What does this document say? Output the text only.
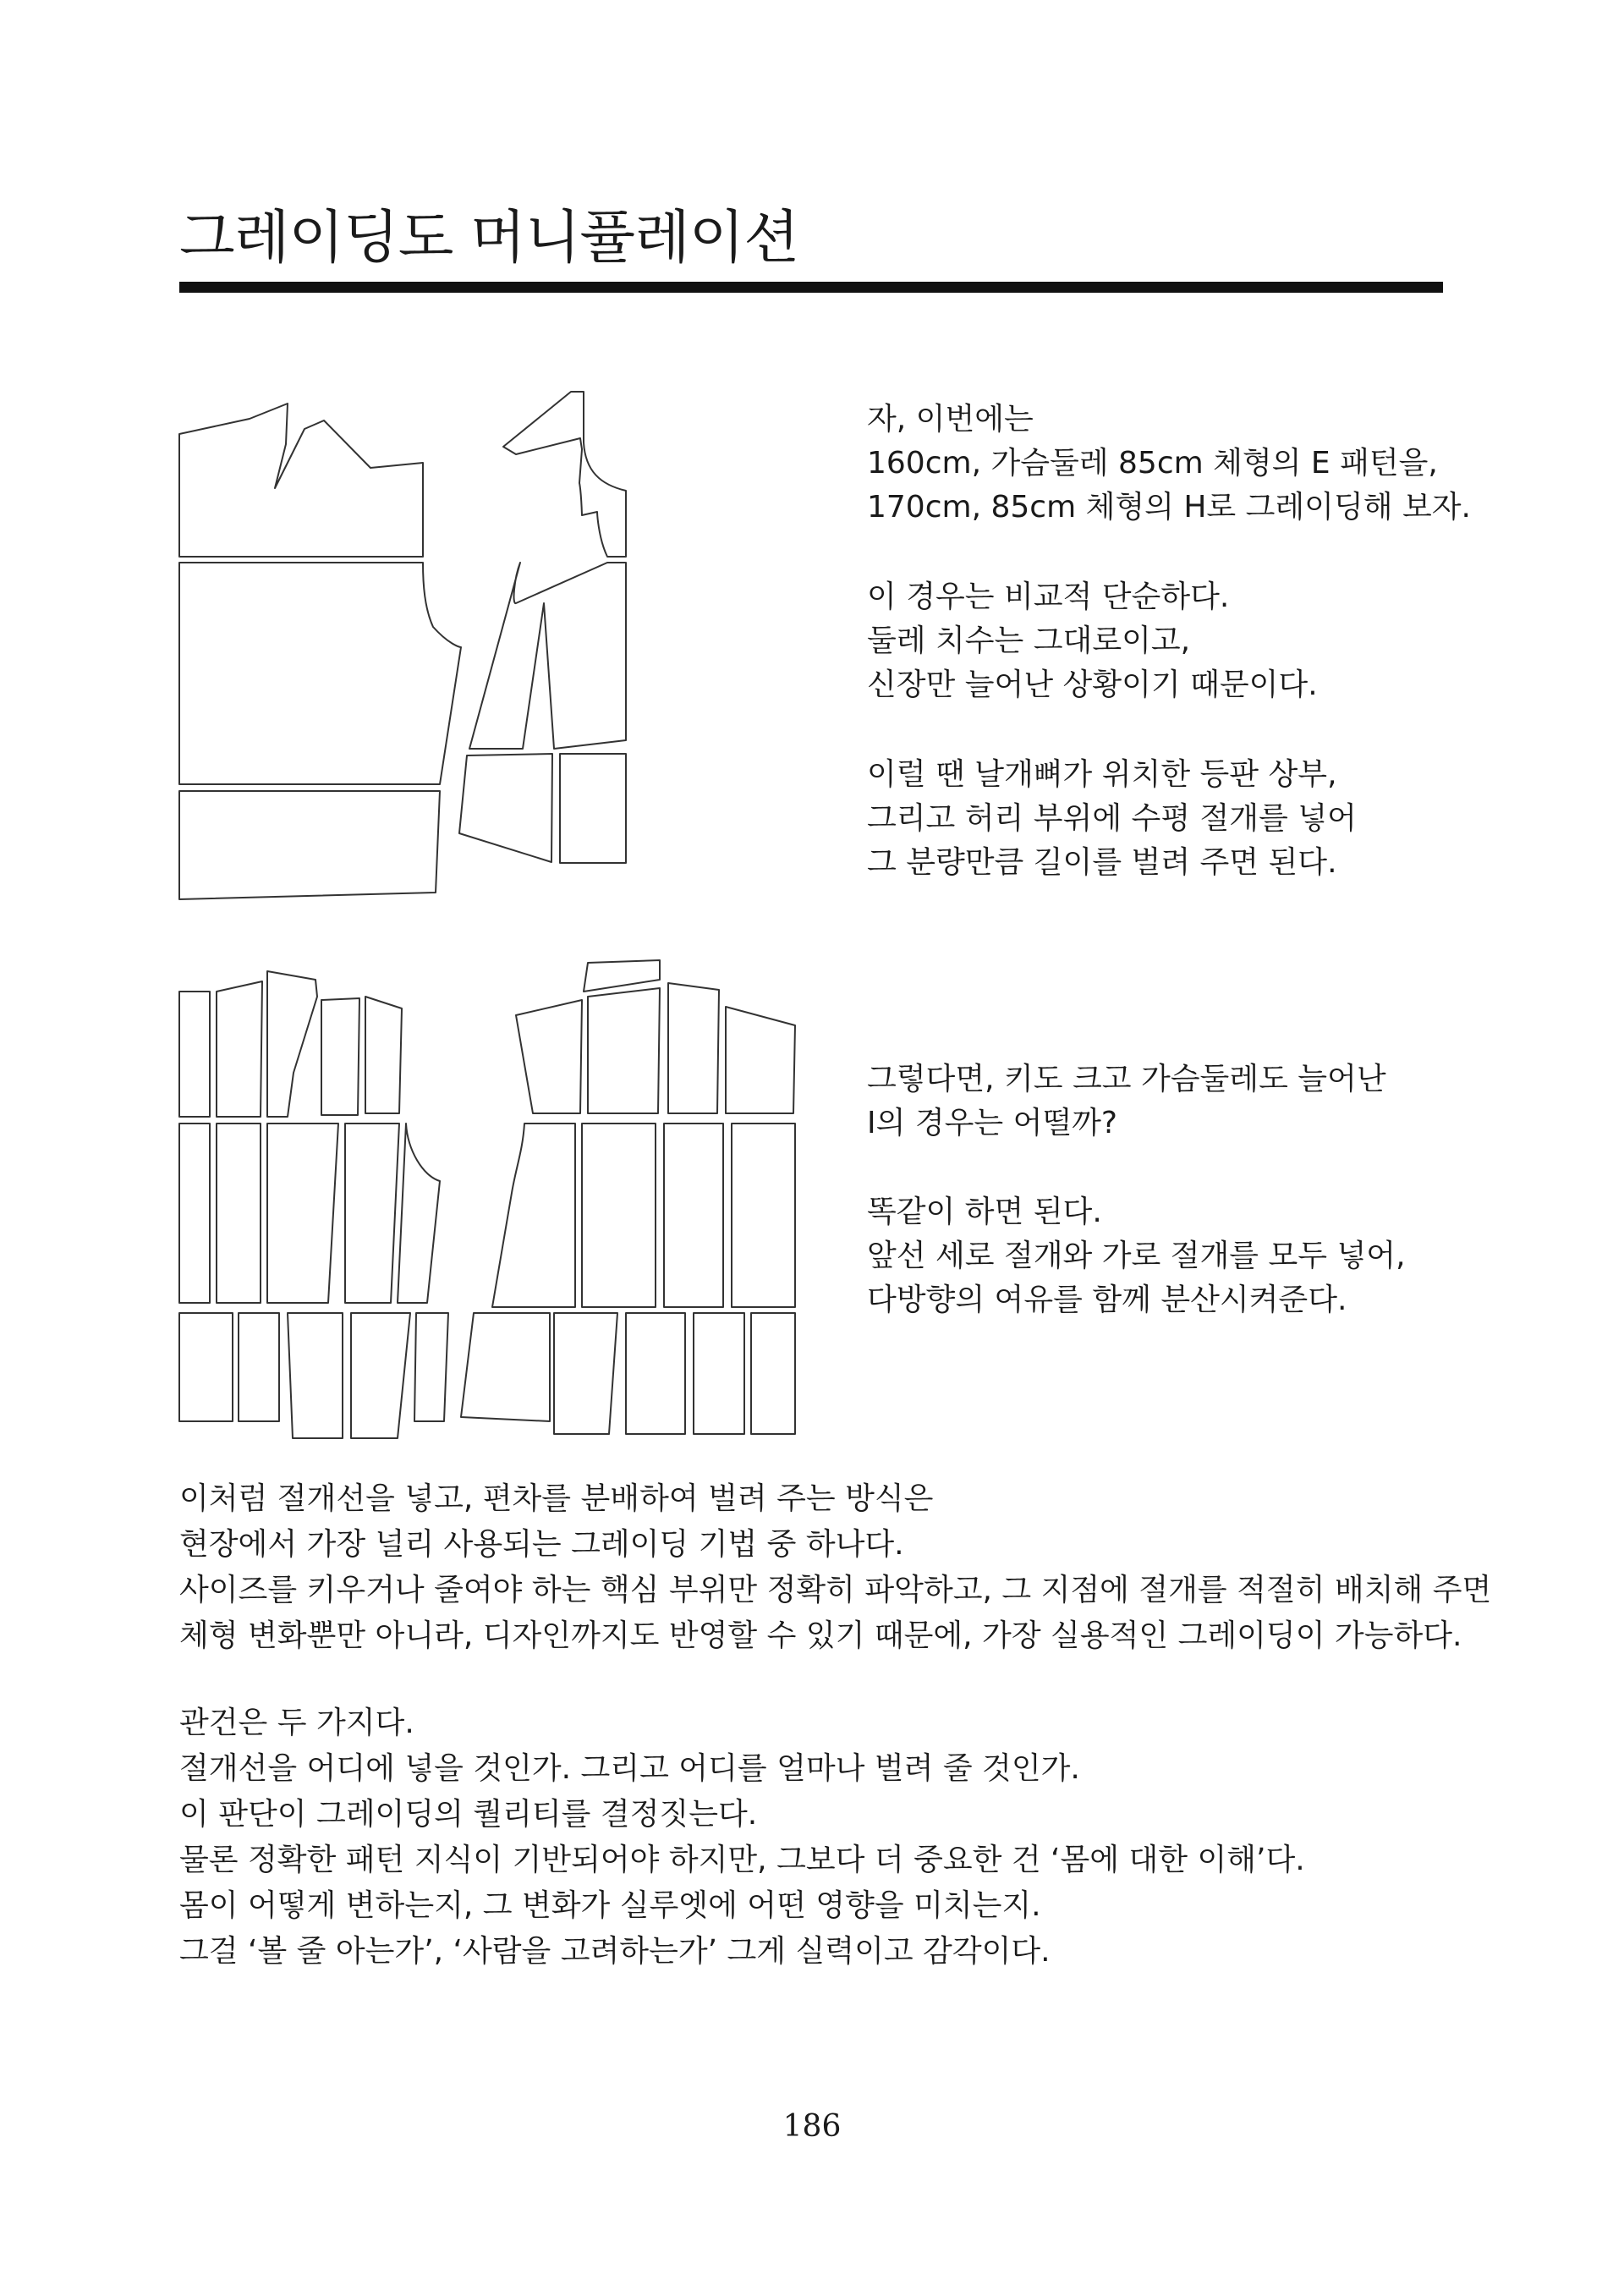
그레이딩도 머니퓰레이션
자, 이번에는
160cm, 가슴둘레 85cm 체형의 E 패턴을,
170cm, 85cm 체형의 H로 그레이딩해 보자.
이 경우는 비교적 단순하다.
둘레 치수는 그대로이고,
신장만 늘어난 상황이기 때문이다.
이럴 땐 날개뼈가 위치한 등판 상부,
그리고 허리 부위에 수평 절개를 넣어
그 분량만큼 길이를 벌려 주면 된다.
그렇다면, 키도 크고 가슴둘레도 늘어난
I의 경우는 어떨까?
똑같이 하면 된다.
앞선 세로 절개와 가로 절개를 모두 넣어,
다방향의 여유를 함께 분산시켜준다.
이처럼 절개선을 넣고, 편차를 분배하여 벌려 주는 방식은
현장에서 가장 널리 사용되는 그레이딩 기법 중 하나다.
사이즈를 키우거나 줄여야 하는 핵심 부위만 정확히 파악하고, 그 지점에 절개를 적절히 배치해 주면
체형 변화뿐만 아니라, 디자인까지도 반영할 수 있기 때문에, 가장 실용적인 그레이딩이 가능하다.
관건은 두 가지다.
절개선을 어디에 넣을 것인가. 그리고 어디를 얼마나 벌려 줄 것인가.
이 판단이 그레이딩의 퀄리티를 결정짓는다.
물론 정확한 패턴 지식이 기반되어야 하지만, 그보다 더 중요한 건 ‘몸에 대한 이해’다.
몸이 어떻게 변하는지, 그 변화가 실루엣에 어떤 영향을 미치는지.
그걸 ‘볼 줄 아는가’, ‘사람을 고려하는가’ 그게 실력이고 감각이다.
186
